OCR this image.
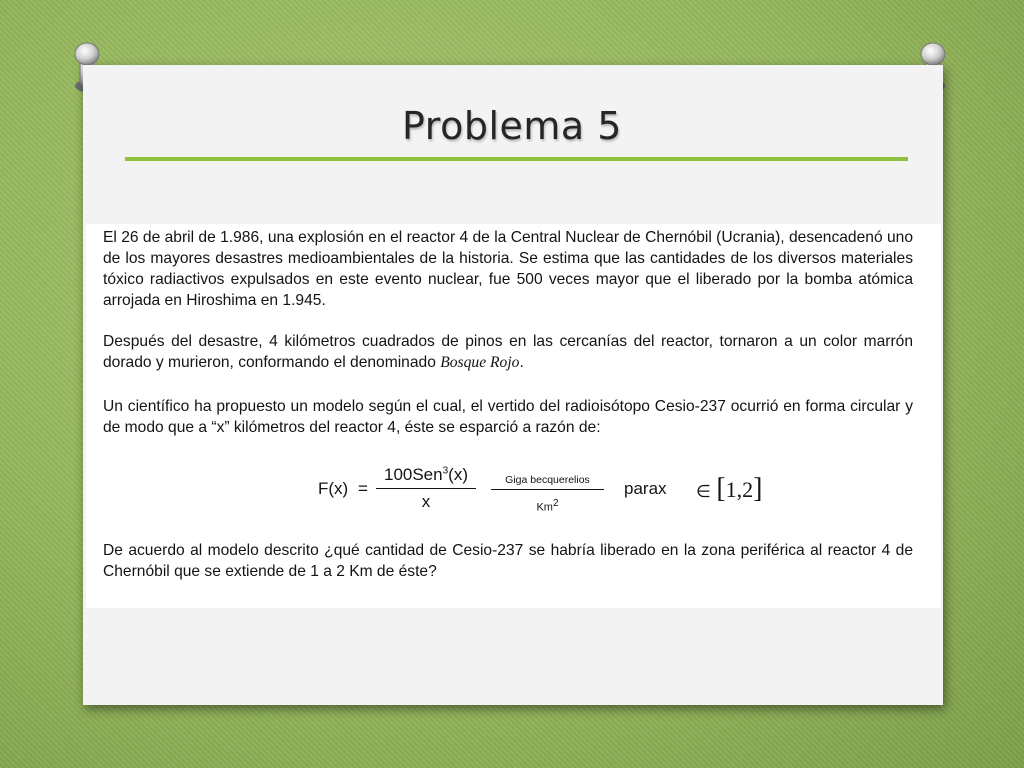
Problema 5

El 26 de abril de 1.986, una explosión en el reactor 4 de la Central Nuclear de Chernóbil (Ucrania), desencadenó uno de los mayores desastres medioambientales de la historia. Se estima que las cantidades de los diversos materiales tóxico radiactivos expulsados en este evento nuclear, fue 500 veces mayor que el liberado por la bomba atómica arrojada en Hiroshima en 1.945.

Después del desastre, 4 kilómetros cuadrados de pinos en las cercanías del reactor, tornaron a un color marrón dorado y murieron, conformando el denominado Bosque Rojo.

Un científico ha propuesto un modelo según el cual, el vertido del radioisótopo Cesio-237 ocurrió en forma circular y de modo que a “x” kilómetros del reactor 4, éste se esparció a razón de:

F(x) =
100Sen$^3$(x)
x
Giga becquerelios
Km$^2$
parax ∈ [1,2]

De acuerdo al modelo descrito ¿qué cantidad de Cesio-237 se habría liberado en la zona periférica al reactor 4 de Chernóbil que se extiende de 1 a 2 Km de éste?
